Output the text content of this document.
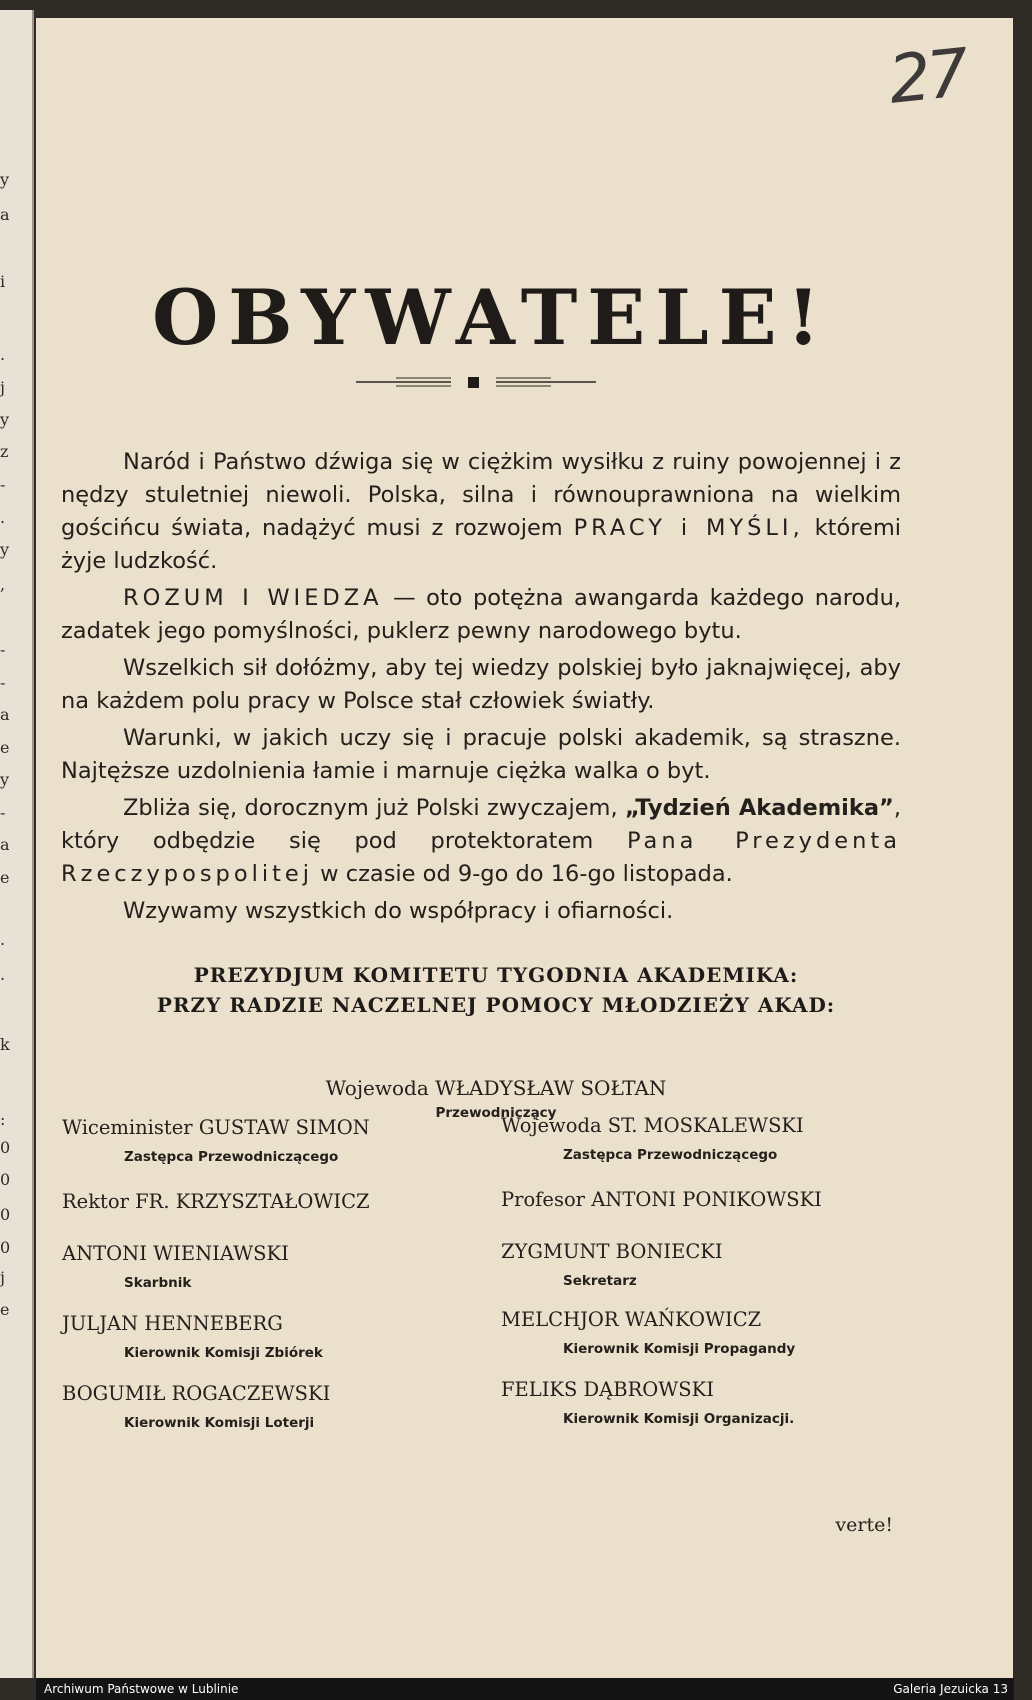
y
a
i
.
j
y
z
-
.
y
,
-
-
a
e
y
-
a
e
.
.
k
:
0
0
0
0
j
e
27
OBYWATELE!

Naród i Państwo dźwiga się w ciężkim wysiłku z ruiny powojennej i z nędzy stuletniej niewoli. Polska, silna i równouprawniona na wielkim gościńcu świata, nadążyć musi z rozwojem PRACY i MYŚLI, któremi żyje ludzkość.

ROZUM I WIEDZA — oto potężna awangarda każdego narodu, zadatek jego pomyślności, puklerz pewny narodowego bytu.

Wszelkich sił dołóżmy, aby tej wiedzy polskiej było jaknajwięcej, aby na każdem polu pracy w Polsce stał człowiek światły.

Warunki, w jakich uczy się i pracuje polski akademik, są straszne. Najtęższe uzdolnienia łamie i marnuje ciężka walka o byt.

Zbliża się, dorocznym już Polski zwyczajem, „Tydzień Akademika”, który odbędzie się pod protektoratem Pana Prezydenta Rzeczypospolitej w czasie od 9-go do 16-go listopada.

Wzywamy wszystkich do współpracy i ofiarności.

PREZYDJUM KOMITETU TYGODNIA AKADEMIKA:
PRZY RADZIE NACZELNEJ POMOCY MŁODZIEŻY AKAD:
Wojewoda WŁADYSŁAW SOŁTAN
Przewodniczący
Wiceminister GUSTAW SIMON
Zastępca Przewodniczącego
Wojewoda ST. MOSKALEWSKI
Zastępca Przewodniczącego
Rektor FR. KRZYSZTAŁOWICZ	Profesor ANTONI PONIKOWSKI
ANTONI WIENIAWSKI
Skarbnik
ZYGMUNT BONIECKI
Sekretarz
JULJAN HENNEBERG
Kierownik Komisji Zbiórek
MELCHJOR WAŃKOWICZ
Kierownik Komisji Propagandy
BOGUMIŁ ROGACZEWSKI
Kierownik Komisji Loterji
FELIKS DĄBROWSKI
Kierownik Komisji Organizacji.
verte!
Archiwum Państwowe w Lublinie	Galeria Jezuicka 13
